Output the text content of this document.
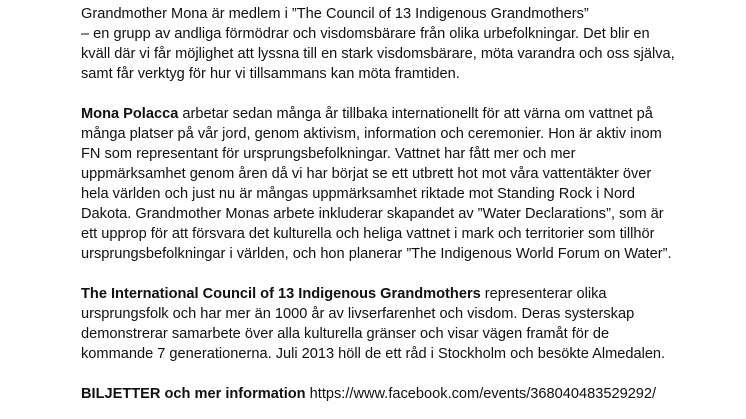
Grandmother Mona är medlem i ”The Council of 13 Indigenous Grandmothers”
– en grupp av andliga förmödrar och visdomsbärare från olika urbefolkningar. Det blir en
kväll där vi får möjlighet att lyssna till en stark visdomsbärare, möta varandra och oss själva,
samt får verktyg för hur vi tillsammans kan möta framtiden.
Mona Polacca arbetar sedan många år tillbaka internationellt för att värna om vattnet på
många platser på vår jord, genom aktivism, information och ceremonier. Hon är aktiv inom
FN som representant för ursprungsbefolkningar. Vattnet har fått mer och mer
uppmärksamhet genom åren då vi har börjat se ett utbrett hot mot våra vattentäkter över
hela världen och just nu är mångas uppmärksamhet riktade mot Standing Rock i Nord
Dakota. Grandmother Monas arbete inkluderar skapandet av ”Water Declarations”, som är
ett upprop för att försvara det kulturella och heliga vattnet i mark och territorier som tillhör
ursprungsbefolkningar i världen, och hon planerar ”The Indigenous World Forum on Water”.
The International Council of 13 Indigenous Grandmothers representerar olika
ursprungsfolk och har mer än 1000 år av livserfarenhet och visdom. Deras systerskap
demonstrerar samarbete över alla kulturella gränser och visar vägen framåt för de
kommande 7 generationerna. Juli 2013 höll de ett råd i Stockholm och besökte Almedalen.
BILJETTER och mer information https://www.facebook.com/events/368040483529292/
